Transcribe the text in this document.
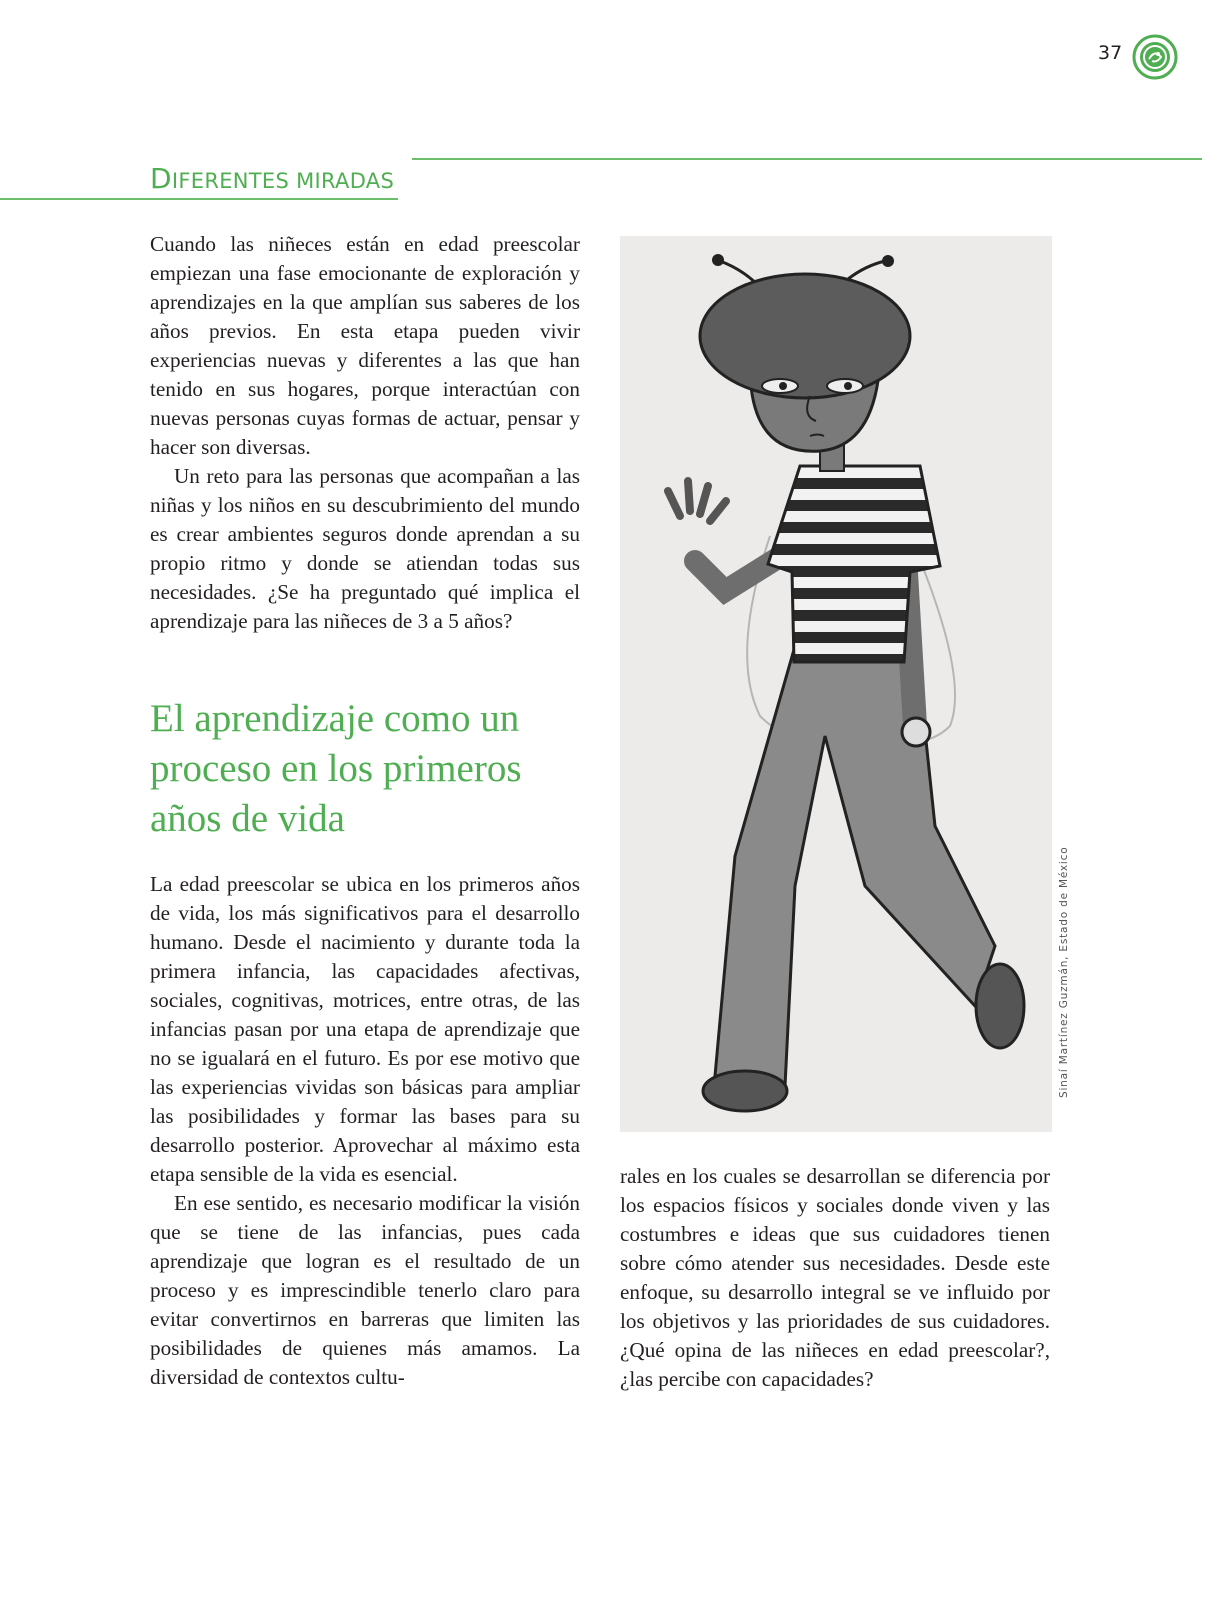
37
DIFERENTES MIRADAS

Cuando las niñeces están en edad preescolar empiezan una fase emocionante de exploración y aprendizajes en la que amplían sus saberes de los años previos. En esta etapa pueden vivir experiencias nuevas y diferentes a las que han tenido en sus hogares, porque interactúan con nuevas personas cuyas formas de actuar, pensar y hacer son diversas.

Un reto para las personas que acompañan a las niñas y los niños en su descubrimiento del mundo es crear ambientes seguros donde aprendan a su propio ritmo y donde se atiendan todas sus necesidades. ¿Se ha preguntado qué implica el aprendizaje para las niñeces de 3 a 5 años?

El aprendizaje como un proceso en los primeros años de vida

La edad preescolar se ubica en los primeros años de vida, los más significativos para el desarrollo humano. Desde el nacimiento y durante toda la primera infancia, las capacidades afectivas, sociales, cognitivas, motrices, entre otras, de las infancias pasan por una etapa de aprendizaje que no se igualará en el futuro. Es por ese motivo que las experiencias vividas son básicas para ampliar las posibilidades y formar las bases para su desarrollo posterior. Aprovechar al máximo esta etapa sensible de la vida es esencial.

En ese sentido, es necesario modificar la visión que se tiene de las infancias, pues cada aprendizaje que logran es el resultado de un proceso y es imprescindible tenerlo claro para evitar convertirnos en barreras que limiten las posibilidades de quienes más amamos. La diversidad de contextos cultu-

Sinaí Martínez Guzmán, Estado de México

rales en los cuales se desarrollan se diferencia por los espacios físicos y sociales donde viven y las costumbres e ideas que sus cuidadores tienen sobre cómo atender sus necesidades. Desde este enfoque, su desarrollo integral se ve influido por los objetivos y las prioridades de sus cuidadores. ¿Qué opina de las niñeces en edad preescolar?, ¿las percibe con capacidades?
